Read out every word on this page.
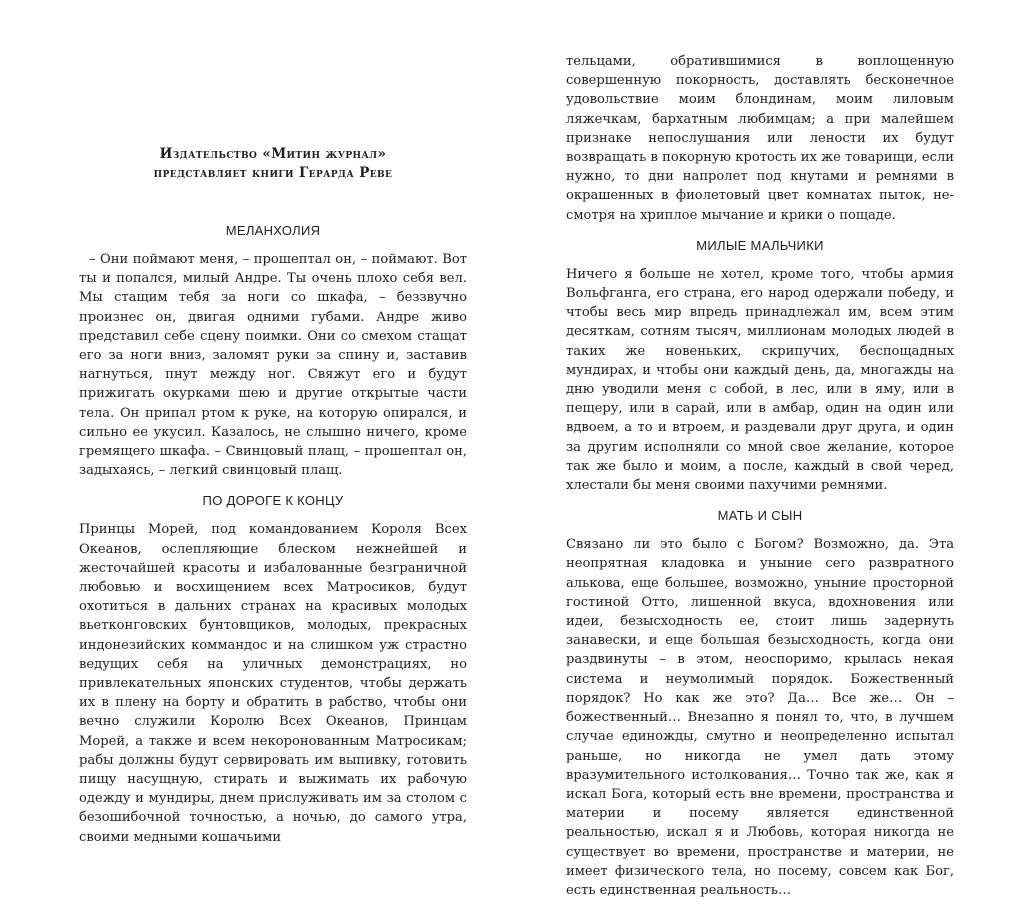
Издательство «Митин журнал»
представляет книги Герарда Реве
МЕЛАНХОЛИЯ

– Они поймают меня, – прошептал он, – поймают. Вот ты и попался, милый Андре. Ты очень плохо себя вел. Мы стащим тебя за ноги со шкафа, – беззвучно произнес он, двигая одними губами. Андре живо представил себе сцену поимки. Они со смехом стащат его за ноги вниз, заломят руки за спину и, заставив нагнуться, пнут между ног. Свяжут его и будут прижигать окурками шею и другие открытые части тела. Он припал ртом к руке, на которую опирался, и сильно ее укусил. Казалось, не слышно ничего, кроме гремящего шкафа. – Свинцовый плащ, – прошептал он, задыхаясь, – легкий свинцовый плащ.

ПО ДОРОГЕ К КОНЦУ

Принцы Морей, под командованием Короля Всех Океанов, ослепляющие блеском нежнейшей и жесточайшей красоты и избалованные безграничной любовью и восхищением всех Матросиков, будут охотиться в дальних странах на красивых молодых вьетконговских бунтовщиков, молодых, прекрасных индонезийских коммандос и на слишком уж страстно ведущих себя на уличных демонстрациях, но привлекательных японских студентов, чтобы держать их в плену на борту и обратить в рабство, чтобы они вечно служили Королю Всех Океанов, Принцам Морей, а также и всем некоронованным Матросикам; рабы должны будут сервировать им выпивку, готовить пищу насущную, стирать и выжимать их рабочую одежду и мундиры, днем прислуживать им за столом с безошибочной точностью, а ночью, до самого утра, своими медными кошачьими

тельцами, обратившимися в воплощенную совершенную покорность, доставлять бесконечное удовольствие моим блондинам, моим лиловым ляжечкам, бархатным любимцам; а при малейшем признаке непослушания или лености их будут возвращать в покорную кротость их же товарищи, если нужно, то дни напролет под кнутами и ремнями в окрашенных в фиолетовый цвет комнатах пыток, несмотря на хриплое мычание и крики о пощаде.

МИЛЫЕ МАЛЬЧИКИ

Ничего я больше не хотел, кроме того, чтобы армия Вольфганга, его страна, его народ одержали победу, и чтобы весь мир впредь принадлежал им, всем этим десяткам, сотням тысяч, миллионам молодых людей в таких же новеньких, скрипучих, беспощадных мундирах, и чтобы они каждый день, да, многажды на дню уводили меня с собой, в лес, или в яму, или в пещеру, или в сарай, или в амбар, один на один или вдвоем, а то и втроем, и раздевали друг друга, и один за другим исполняли со мной свое желание, которое так же было и моим, а после, каждый в свой черед, хлестали бы меня своими пахучими ремнями.

МАТЬ И СЫН

Связано ли это было с Богом? Возможно, да. Эта неопрятная кладовка и уныние сего развратного алькова, еще большее, возможно, уныние просторной гостиной Отто, лишенной вкуса, вдохновения или идеи, безысходность ее, стоит лишь задернуть занавески, и еще большая безысходность, когда они раздвинуты – в этом, неоспоримо, крылась некая система и неумолимый порядок. Божественный порядок? Но как же это? Да… Все же… Он – божественный… Внезапно я понял то, что, в лучшем случае единожды, смутно и неопределенно испытал раньше, но никогда не умел дать этому вразумительного истолкования… Точно так же, как я искал Бога, который есть вне времени, пространства и материи и посему является единственной реальностью, искал я и Любовь, которая никогда не существует во времени, пространстве и материи, не имеет физического тела, но посему, совсем как Бог, есть единственная реальность…
